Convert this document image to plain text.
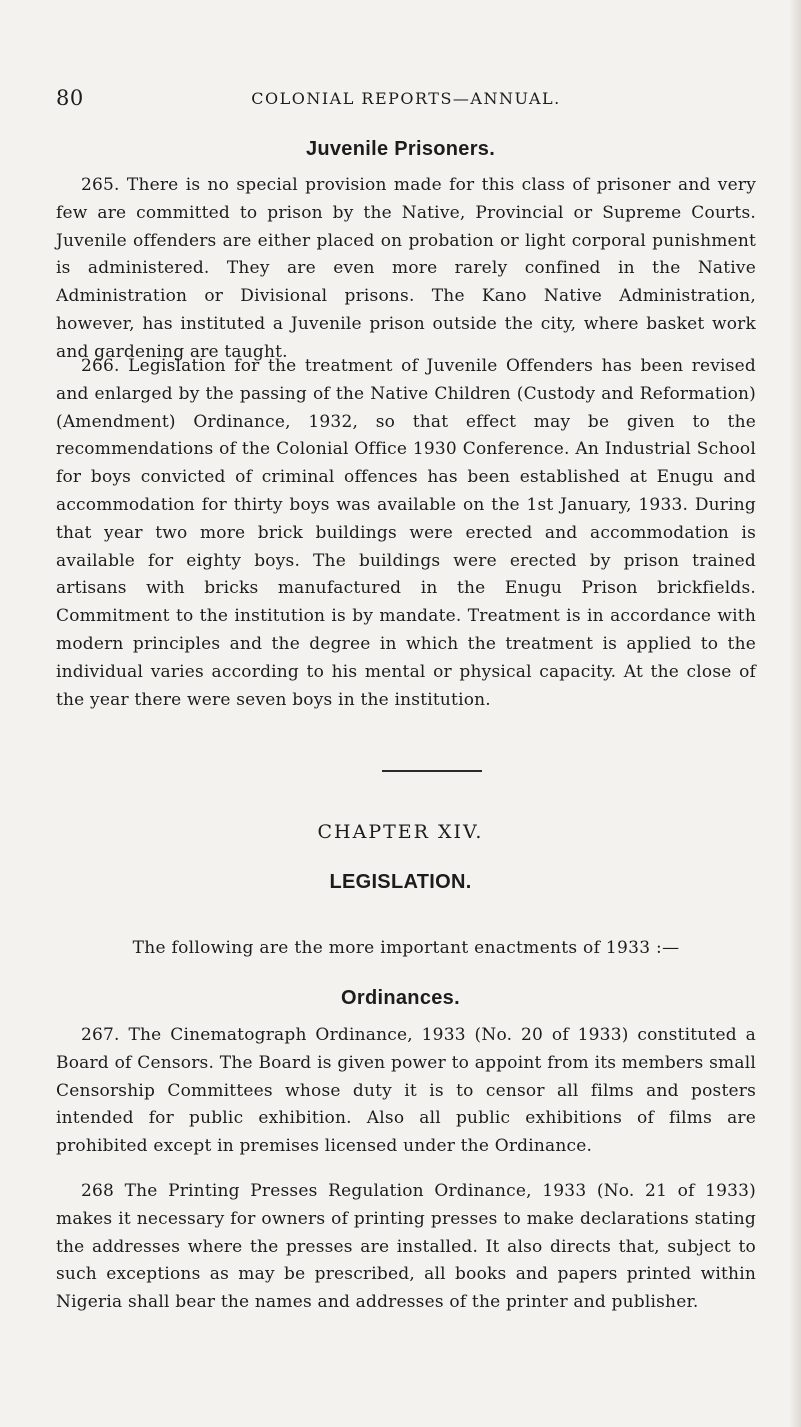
80	COLONIAL REPORTS—ANNUAL.
Juvenile Prisoners.

265. There is no special provision made for this class of prisoner and very few are committed to prison by the Native, Provincial or Supreme Courts. Juvenile offenders are either placed on probation or light corporal punishment is administered. They are even more rarely confined in the Native Administration or Divisional prisons. The Kano Native Administration, however, has instituted a Juvenile prison outside the city, where basket work and gardening are taught.

266. Legislation for the treatment of Juvenile Offenders has been revised and enlarged by the passing of the Native Children (Custody and Reformation) (Amendment) Ordinance, 1932, so that effect may be given to the recommendations of the Colonial Office 1930 Conference. An Industrial School for boys convicted of criminal offences has been established at Enugu and accommodation for thirty boys was available on the 1st January, 1933. During that year two more brick buildings were erected and accommodation is available for eighty boys. The buildings were erected by prison trained artisans with bricks manufactured in the Enugu Prison brickfields. Commitment to the institution is by mandate. Treatment is in accordance with modern principles and the degree in which the treatment is applied to the individual varies according to his mental or physical capacity. At the close of the year there were seven boys in the institution.

CHAPTER XIV.
LEGISLATION.
The following are the more important enactments of 1933 :—
Ordinances.

267. The Cinematograph Ordinance, 1933 (No. 20 of 1933) constituted a Board of Censors. The Board is given power to appoint from its members small Censorship Committees whose duty it is to censor all films and posters intended for public exhibition. Also all public exhibitions of films are prohibited except in premises licensed under the Ordinance.

268 The Printing Presses Regulation Ordinance, 1933 (No. 21 of 1933) makes it necessary for owners of printing presses to make declarations stating the addresses where the presses are installed. It also directs that, subject to such exceptions as may be prescribed, all books and papers printed within Nigeria shall bear the names and addresses of the printer and publisher.
